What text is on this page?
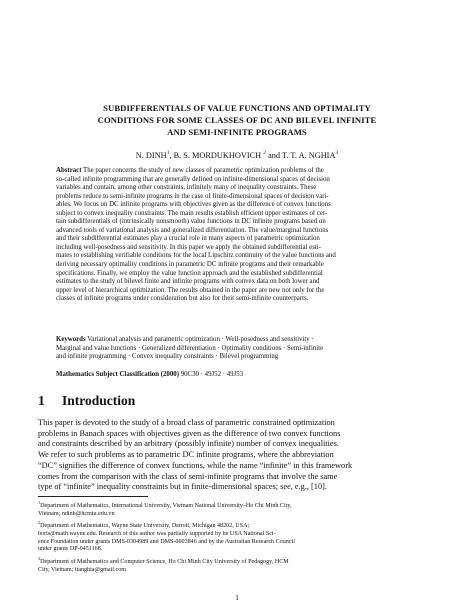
SUBDIFFERENTIALS OF VALUE FUNCTIONS AND OPTIMALITY
CONDITIONS FOR SOME CLASSES OF DC AND BILEVEL INFINITE
AND SEMI-INFINITE PROGRAMS
N. DINH$^1$, B. S. MORDUKHOVICH $^2$ and T. T. A. NGHIA$^3$
Abstract The paper concerns the study of new classes of parametric optimization problems of the
so-called infinite programming that are generally defined on infinite-dimensional spaces of decision
variables and contain, among other constraints, infinitely many of inequality constraints. These
problems reduce to semi-infinite programs in the case of finite-dimensional spaces of decision vari-
ables. We focus on DC infinite programs with objectives given as the difference of convex functions
subject to convex inequality constraints. The main results establish efficient upper estimates of cer-
tain subdifferentials of (intrinsically nonsmooth) value functions in DC infinite programs based on
advanced tools of variational analysis and generalized differentiation. The value/marginal functions
and their subdifferential estimates play a crucial role in many aspects of parametric optimization
including well-posedness and sensitivity. In this paper we apply the obtained subdifferential esti-
mates to establishing verifiable conditions for the local Lipschitz continuity of the value functions and
deriving necessary optimality conditions in parametric DC infinite programs and their remarkable
specifications. Finally, we employ the value function approach and the established subdifferential
estimates to the study of bilevel finite and infinite programs with convex data on both lower and
upper level of hierarchical optimization. The results obtained in the paper are new not only for the
classes of infinite programs under consideration but also for their semi-infinite counterparts.
Keywords Variational analysis and parametric optimization · Well-posedness and sensitivity ·
Marginal and value functions · Generalized differentiation · Optimality conditions · Semi-infinite
and infinite programming · Convex inequality constraints · Bilevel programming
Mathematics Subject Classification (2000) 90C30 · 49J52 · 49J53
1 Introduction
This paper is devoted to the study of a broad class of parametric constrained optimization
problems in Banach spaces with objectives given as the difference of two convex functions
and constraints described by an arbitrary (possibly infinite) number of convex inequalities.
We refer to such problems as to parametric DC infinite programs, where the abbreviation
“DC” signifies the difference of convex functions, while the name “infinite” in this framework
comes from the comparison with the class of semi-infinite programs that involve the same
type of “infinite” inequality constraints but in finite-dimensional spaces; see, e.g., [10].
$^1$Department of Mathematics, International University, Vietnam National University–Ho Chi Minh City,
Vietnam; ndinh@hcmiu.edu.vn
$^2$Department of Mathematics, Wayne State University, Detroit, Michigan 48202, USA;
boris@math.wayne.edu. Research of this author was partially supported by he USA National Sci-
ence Foundation under grants DMS-0304989 and DMS-0603846 and by the Australian Research Council
under grants DP-0451168.
$^3$Department of Mathematics and Computer Science, Ho Chi Minh City University of Pedagogy, HCM
City, Vietnam; ttanghia@gmail.com
1
